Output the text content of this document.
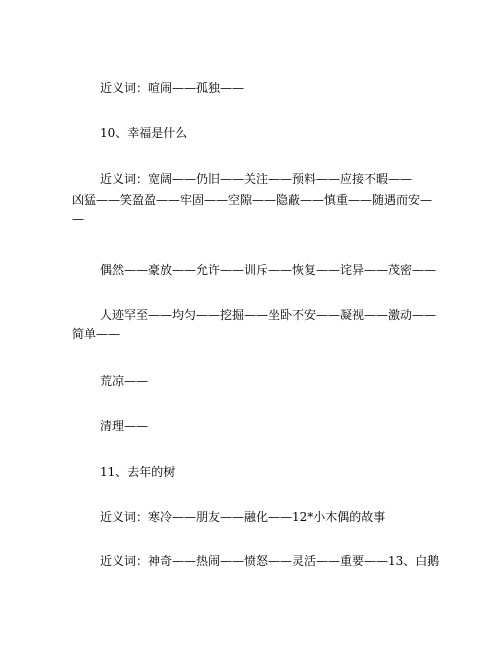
近义词：喧闹——孤独——
10、幸福是什么
近义词：宽阔——仍旧——关注——预料——应接不暇——
凶猛——笑盈盈——牢固——空隙——隐蔽——慎重——随遇而安—
—
偶然——豪放——允许——训斥——恢复——诧异——茂密——
人迹罕至——均匀——挖掘——坐卧不安——凝视——激动——
简单——
荒凉——
清理——
11、去年的树
近义词：寒冷——朋友——融化——12*小木偶的故事
近义词：神奇——热闹——愤怒——灵活——重要——13、白鹅
